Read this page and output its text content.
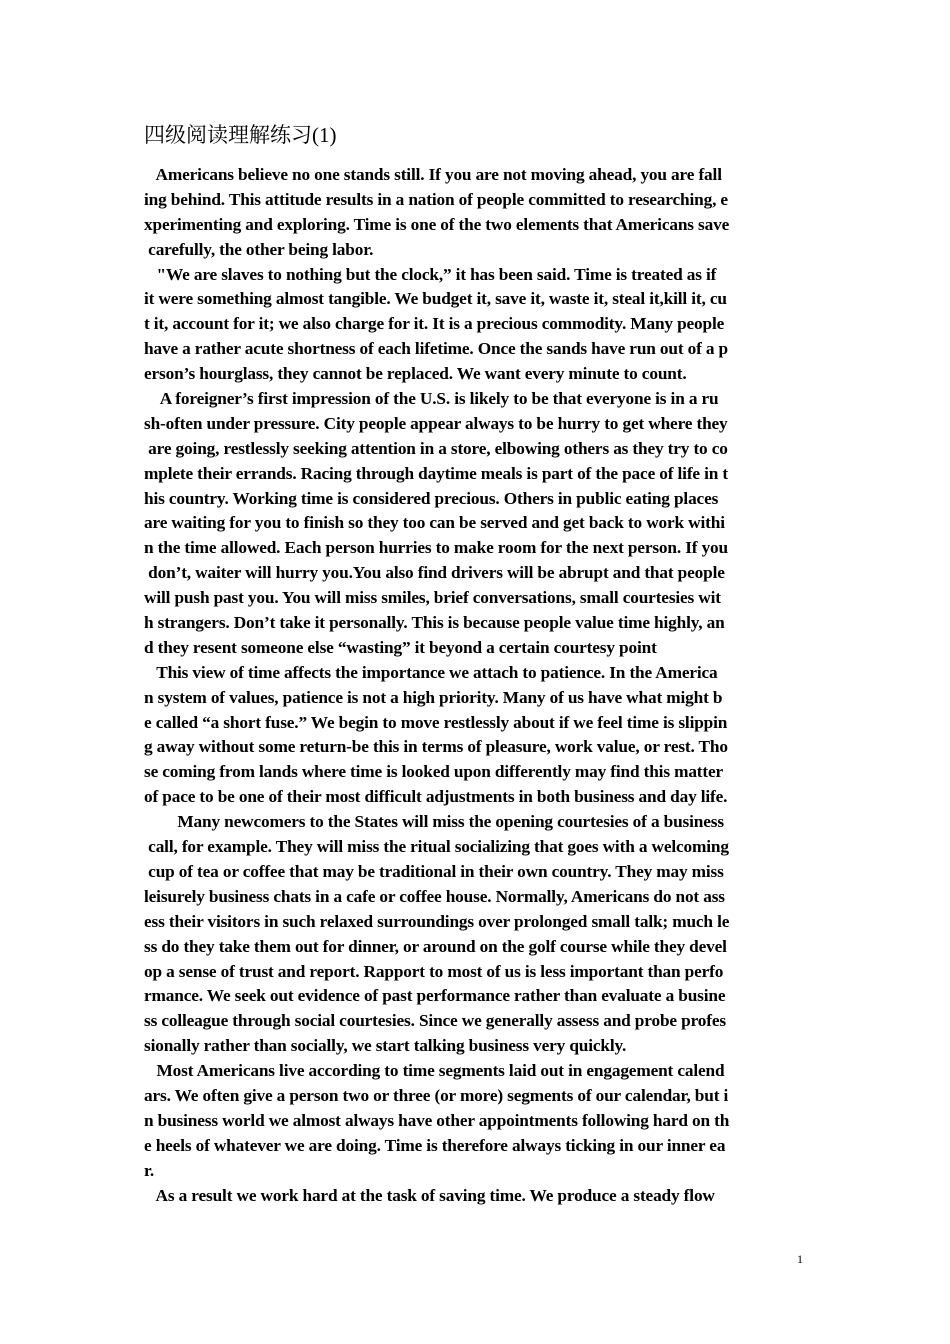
四级阅读理解练习(1)
Americans believe no one stands still. If you are not moving ahead, you are fall
ing behind. This attitude results in a nation of people committed to researching, e
xperimenting and exploring. Time is one of the two elements that Americans save
carefully, the other being labor.
"We are slaves to nothing but the clock,” it has been said. Time is treated as if
it were something almost tangible. We budget it, save it, waste it, steal it,kill it, cu
t it, account for it; we also charge for it. It is a precious commodity. Many people
have a rather acute shortness of each lifetime. Once the sands have run out of a p
erson’s hourglass, they cannot be replaced. We want every minute to count.
A foreigner’s first impression of the U.S. is likely to be that everyone is in a ru
sh-often under pressure. City people appear always to be hurry to get where they
are going, restlessly seeking attention in a store, elbowing others as they try to co
mplete their errands. Racing through daytime meals is part of the pace of life in t
his country. Working time is considered precious. Others in public eating places
are waiting for you to finish so they too can be served and get back to work withi
n the time allowed. Each person hurries to make room for the next person. If you
don’t, waiter will hurry you.You also find drivers will be abrupt and that people
will push past you. You will miss smiles, brief conversations, small courtesies wit
h strangers. Don’t take it personally. This is because people value time highly, an
d they resent someone else “wasting” it beyond a certain courtesy point
This view of time affects the importance we attach to patience. In the America
n system of values, patience is not a high priority. Many of us have what might b
e called “a short fuse.” We begin to move restlessly about if we feel time is slippin
g away without some return-be this in terms of pleasure, work value, or rest. Tho
se coming from lands where time is looked upon differently may find this matter
of pace to be one of their most difficult adjustments in both business and day life.
Many newcomers to the States will miss the opening courtesies of a business
call, for example. They will miss the ritual socializing that goes with a welcoming
cup of tea or coffee that may be traditional in their own country. They may miss
leisurely business chats in a cafe or coffee house. Normally, Americans do not ass
ess their visitors in such relaxed surroundings over prolonged small talk; much le
ss do they take them out for dinner, or around on the golf course while they devel
op a sense of trust and report. Rapport to most of us is less important than perfo
rmance. We seek out evidence of past performance rather than evaluate a busine
ss colleague through social courtesies. Since we generally assess and probe profes
sionally rather than socially, we start talking business very quickly.
Most Americans live according to time segments laid out in engagement calend
ars. We often give a person two or three (or more) segments of our calendar, but i
n business world we almost always have other appointments following hard on th
e heels of whatever we are doing. Time is therefore always ticking in our inner ea
r.
As a result we work hard at the task of saving time. We produce a steady flow
1
